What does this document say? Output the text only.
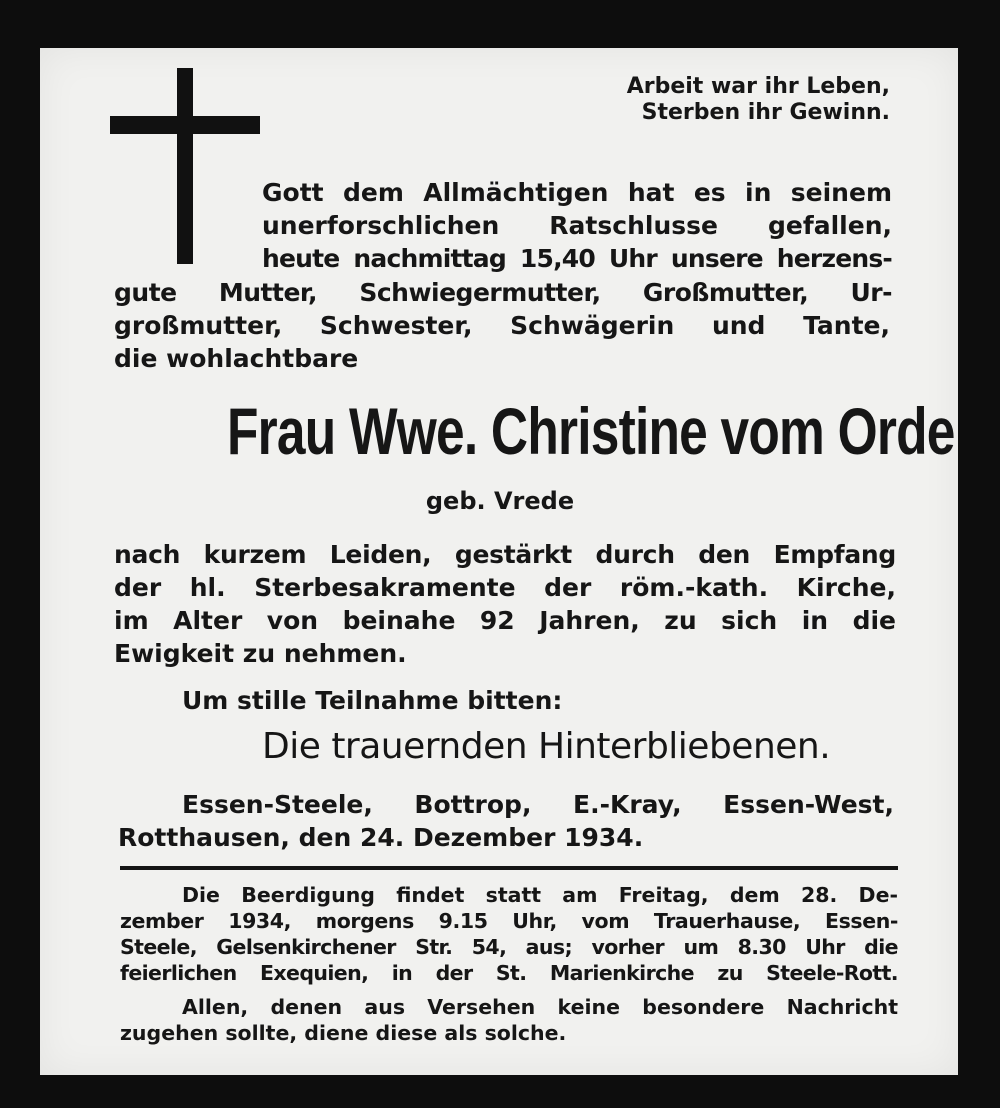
Arbeit war ihr Leben,
Sterben ihr Gewinn.
Gott dem Allmächtigen hat es in seinem
unerforschlichen Ratschlusse gefallen,
heute nachmittag 15,40 Uhr unsere herzens-
gute Mutter, Schwiegermutter, Großmutter, Ur-
großmutter, Schwester, Schwägerin und Tante,
die wohlachtbare
Frau Wwe. Christine vom Orde
geb. Vrede
nach kurzem Leiden, gestärkt durch den Empfang
der hl. Sterbesakramente der röm.-kath. Kirche,
im Alter von beinahe 92 Jahren, zu sich in die
Ewigkeit zu nehmen.
Um stille Teilnahme bitten:
Die trauernden Hinterbliebenen.
Essen-Steele, Bottrop, E.-Kray, Essen-West,
Rotthausen, den 24. Dezember 1934.
Die Beerdigung findet statt am Freitag, dem 28. De-
zember 1934, morgens 9.15 Uhr, vom Trauerhause, Essen-
Steele, Gelsenkirchener Str. 54, aus; vorher um 8.30 Uhr die
feierlichen Exequien, in der St. Marienkirche zu Steele-Rott.
Allen, denen aus Versehen keine besondere Nachricht
zugehen sollte, diene diese als solche.
